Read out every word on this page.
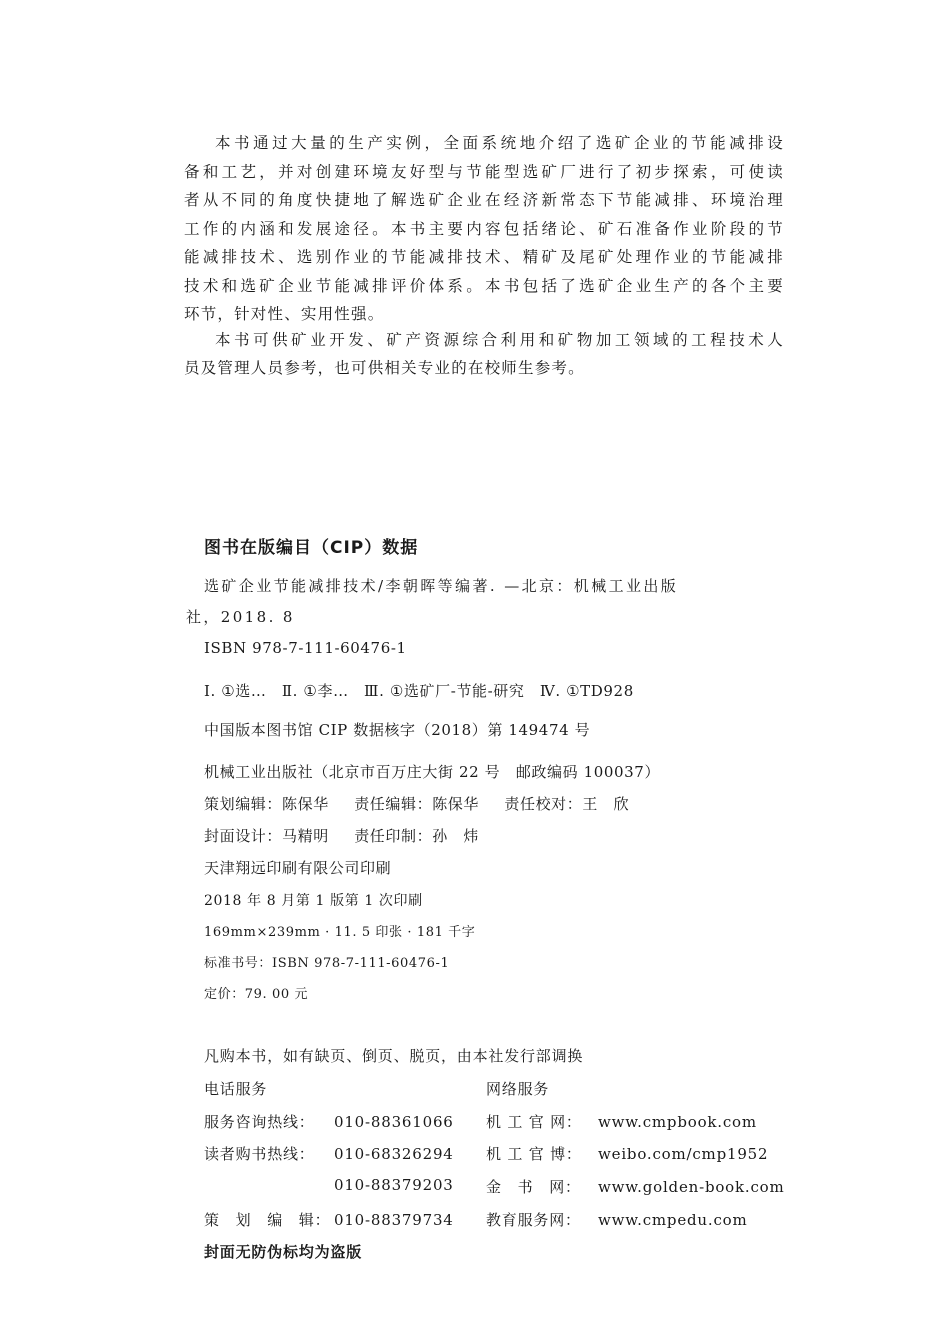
本书通过大量的生产实例，全面系统地介绍了选矿企业的节能减排设

备和工艺，并对创建环境友好型与节能型选矿厂进行了初步探索，可使读

者从不同的角度快捷地了解选矿企业在经济新常态下节能减排、环境治理

工作的内涵和发展途径。本书主要内容包括绪论、矿石准备作业阶段的节

能减排技术、选别作业的节能减排技术、精矿及尾矿处理作业的节能减排

技术和选矿企业节能减排评价体系。本书包括了选矿企业生产的各个主要

环节，针对性、实用性强。

本书可供矿业开发、矿产资源综合利用和矿物加工领域的工程技术人

员及管理人员参考，也可供相关专业的在校师生参考。

图书在版编目（CIP）数据

选矿企业节能减排技术/李朝晖等编著. —北京：机械工业出版

社，2018. 8

ISBN 978-7-111-60476-1
Ⅰ. ①选… Ⅱ. ①李… Ⅲ. ①选矿厂-节能-研究 Ⅳ. ①TD928
中国版本图书馆 CIP 数据核字（2018）第 149474 号
机械工业出版社（北京市百万庄大街 22 号　邮政编码 100037）
策划编辑：陈保华 责任编辑：陈保华 责任校对：王　欣
封面设计：马精明 责任印制：孙　炜
天津翔远印刷有限公司印刷
2018 年 8 月第 1 版第 1 次印刷
169mm×239mm · 11. 5 印张 · 181 千字
标准书号：ISBN 978-7-111-60476-1
定价：79. 00 元
凡购本书，如有缺页、倒页、脱页，由本社发行部调换
电话服务	网络服务
服务咨询热线： 010-88361066
读者购书热线： 010-68326294
010-88379203
策　划　编　辑： 010-88379734
机 工 官 网： www.cmpbook.com
机 工 官 博： weibo.com/cmp1952
金　书　网： www.golden-book.com
教育服务网： www.cmpedu.com
封面无防伪标均为盗版
